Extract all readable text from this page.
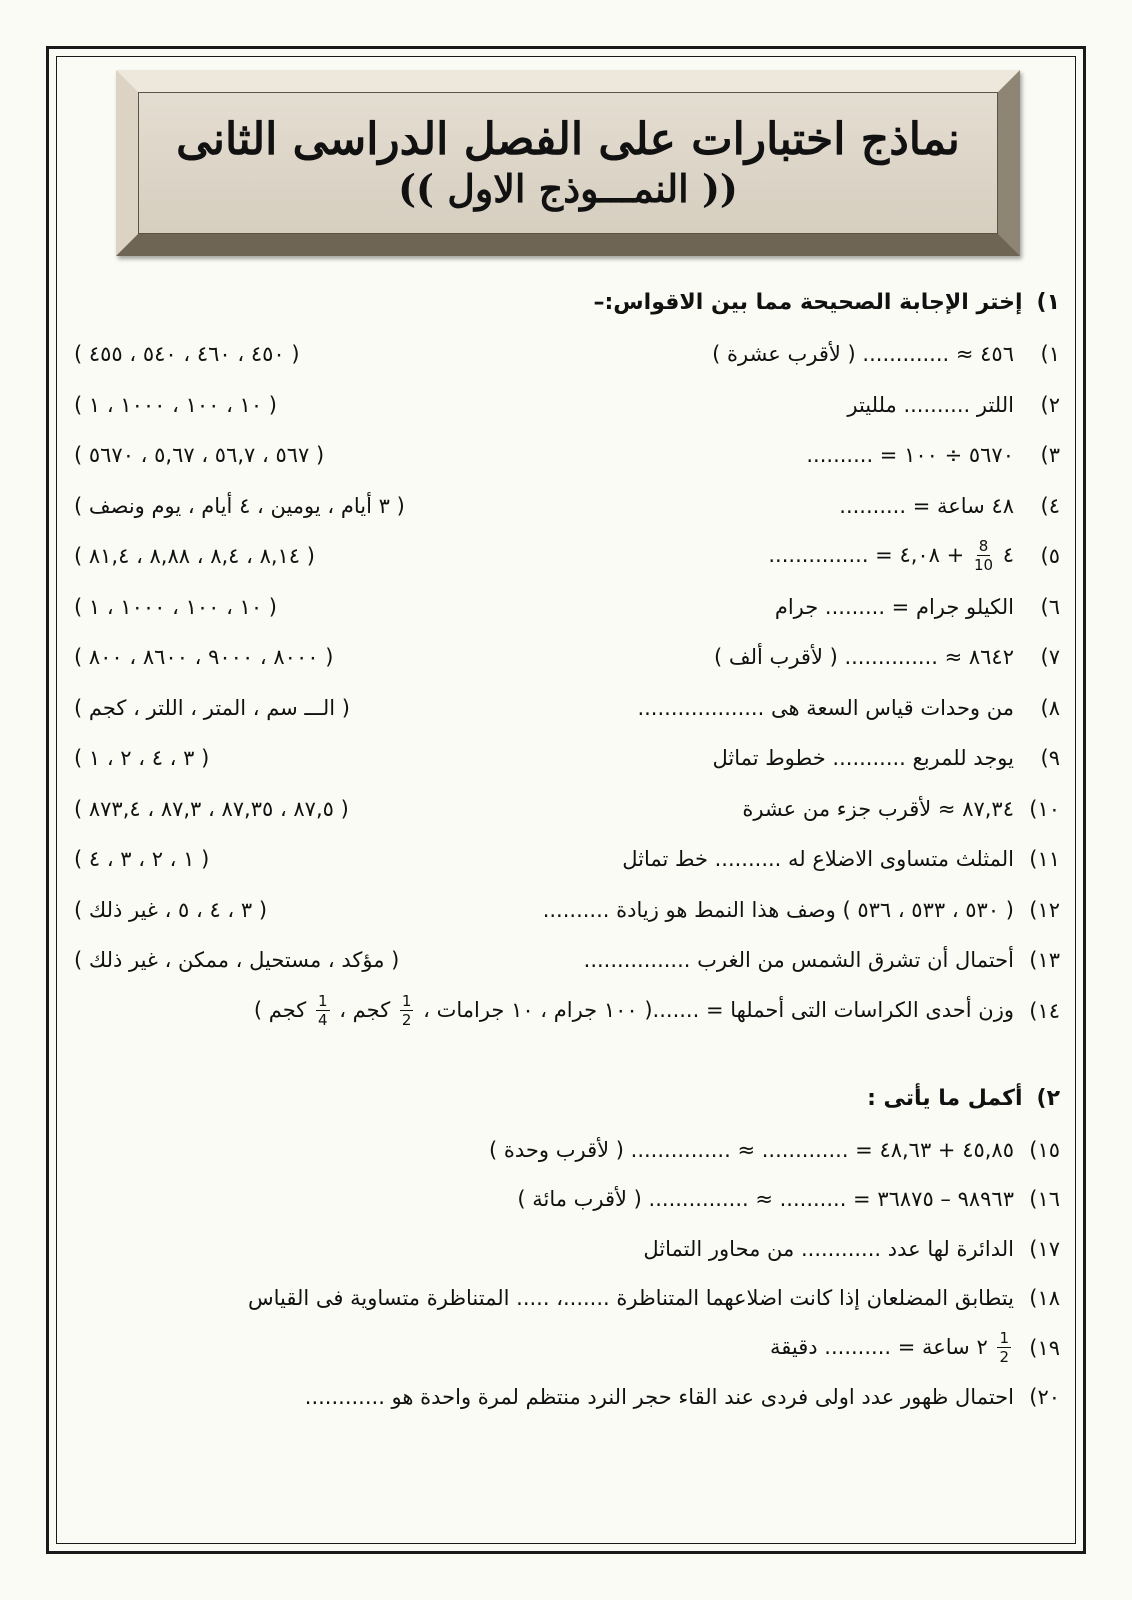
نماذج اختبارات على الفصل الدراسى الثانى
(( النمـــوذج الاول ))
١)
إختر الإجابة الصحيحة مما بين الاقواس:–
١)
٤٥٦ ≈ ............. ( لأقرب عشرة )
( ٤٥٠ ، ٤٦٠ ، ٥٤٠ ، ٤٥٥ )
٢)
اللتر .......... ملليتر
( ١٠ ، ١٠٠ ، ١٠٠٠ ، ١ )
٣)
٥٦٧٠ ÷ ١٠٠ = ..........
( ٥٦٧ ، ٥٦,٧ ، ٥,٦٧ ، ٥٦٧٠ )
٤)
٤٨ ساعة = ..........
( ٣ أيام ، يومين ، ٤ أيام ، يوم ونصف )
٥)
٤
$\frac{8}{10}$
+ ٤,٠٨ = ...............
( ٨,١٤ ، ٨,٤ ، ٨,٨٨ ، ٨١,٤ )
٦)
الكيلو جرام = ......... جرام
( ١٠ ، ١٠٠ ، ١٠٠٠ ، ١ )
٧)
٨٦٤٢ ≈ .............. ( لأقرب ألف )
( ٨٠٠٠ ، ٩٠٠٠ ، ٨٦٠٠ ، ٨٠٠ )
٨)
من وحدات قياس السعة هى ...................
( الـــ سم ، المتر ، اللتر ، كجم )
٩)
يوجد للمربع ........... خطوط تماثل
( ٣ ، ٤ ، ٢ ، ١ )
١٠)
٨٧,٣٤ ≈ لأقرب جزء من عشرة
( ٨٧,٥ ، ٨٧,٣٥ ، ٨٧,٣ ، ٨٧٣,٤ )
١١)
المثلث متساوى الاضلاع له .......... خط تماثل
( ١ ، ٢ ، ٣ ، ٤ )
١٢)
( ٥٣٠ ، ٥٣٣ ، ٥٣٦ ) وصف هذا النمط هو زيادة ..........
( ٣ ، ٤ ، ٥ ، غير ذلك )
١٣)
أحتمال أن تشرق الشمس من الغرب ................
( مؤكد ، مستحيل ، ممكن ، غير ذلك )
١٤)
وزن أحدى الكراسات التى أحملها = .......( ١٠٠ جرام ، ١٠ جرامات ،
$\frac{1}{2}$
كجم ،
$\frac{1}{4}$
كجم )
٢)
أكمل ما يأتى :
١٥)
٤٥,٨٥ + ٤٨,٦٣ = ............. ≈ ............... ( لأقرب وحدة )
١٦)
٩٨٩٦٣ – ٣٦٨٧٥ = .......... ≈ ............... ( لأقرب مائة )
١٧)
الدائرة لها عدد ............ من محاور التماثل
١٨)
يتطابق المضلعان إذا كانت اضلاعهما المتناظرة .......، ..... المتناظرة متساوية فى القياس
١٩)
$\frac{1}{2}$
٢ ساعة = .......... دقيقة
٢٠)
احتمال ظهور عدد اولى فردى عند القاء حجر النرد منتظم لمرة واحدة هو ............
